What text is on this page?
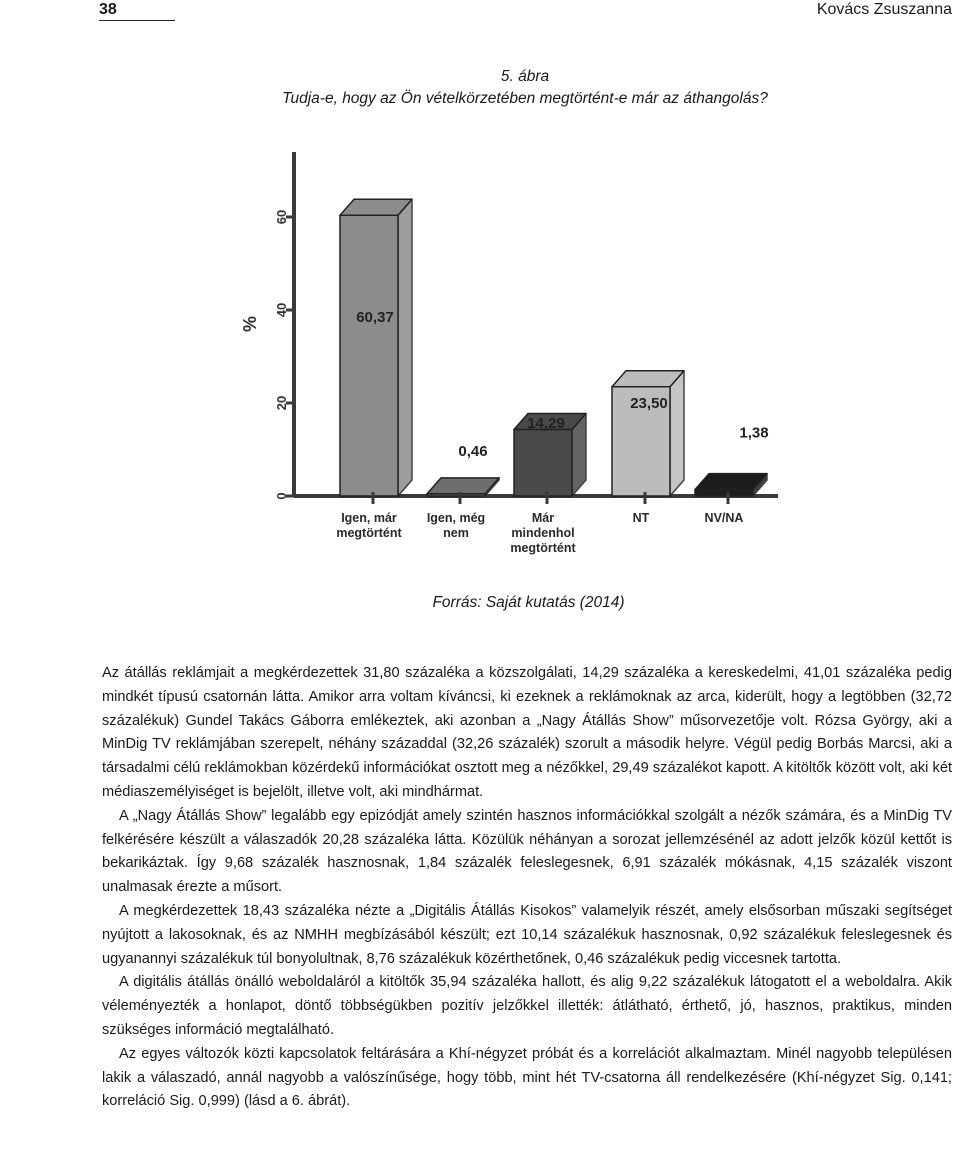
38	Kovács Zsuszanna
5. ábra
Tudja-e, hogy az Ön vételkörzetében megtörtént-e már az áthangolás?
0
20
40
60
%	60,37
Igen, már
megtörtént
0,46
Igen, még
nem
14,29
Már
mindenhol
megtörtént
23,50
NT
1,38
NV/NA
Forrás: Saját kutatás (2014)

Az átállás reklámjait a megkérdezettek 31,80 százaléka a közszolgálati, 14,29 százaléka a kereskedelmi, 41,01 százaléka pedig mindkét típusú csatornán látta. Amikor arra voltam kíváncsi, ki ezeknek a reklámoknak az arca, kiderült, hogy a legtöbben (32,72 százalékuk) Gundel Takács Gáborra emlékeztek, aki azonban a „Nagy Átállás Show” műsorvezetője volt. Rózsa György, aki a MinDig TV reklámjában szerepelt, néhány századdal (32,26 százalék) szorult a második helyre. Végül pedig Borbás Marcsi, aki a társadalmi célú reklámokban közérdekű információkat osztott meg a nézőkkel, 29,49 százalékot kapott. A kitöltők között volt, aki két médiaszemélyiséget is bejelölt, illetve volt, aki mindhármat.

A „Nagy Átállás Show” legalább egy epizódját amely szintén hasznos információkkal szolgált a nézők számára, és a MinDig TV felkérésére készült a válaszadók 20,28 százaléka látta. Közülük néhányan a sorozat jellemzésénél az adott jelzők közül kettőt is bekarikáztak. Így 9,68 százalék hasznosnak, 1,84 százalék feleslegesnek, 6,91 százalék mókásnak, 4,15 százalék viszont unalmasak érezte a műsort.

A megkérdezettek 18,43 százaléka nézte a „Digitális Átállás Kisokos” valamelyik részét, amely elsősorban műszaki segítséget nyújtott a lakosoknak, és az NMHH megbízásából készült; ezt 10,14 százalékuk hasznosnak, 0,92 százalékuk feleslegesnek és ugyanannyi százalékuk túl bonyolultnak, 8,76 százalékuk közérthetőnek, 0,46 százalékuk pedig viccesnek tartotta.

A digitális átállás önálló weboldaláról a kitöltők 35,94 százaléka hallott, és alig 9,22 százalékuk látogatott el a weboldalra. Akik véleményezték a honlapot, döntő többségükben pozitív jelzőkkel illették: átlátható, érthető, jó, hasznos, praktikus, minden szükséges információ megtalálható.

Az egyes változók közti kapcsolatok feltárására a Khí-négyzet próbát és a korrelációt alkalmaztam. Minél nagyobb településen lakik a válaszadó, annál nagyobb a valószínűsége, hogy több, mint hét TV-csatorna áll rendelkezésére (Khí-négyzet Sig. 0,141; korreláció Sig. 0,999) (lásd a 6. ábrát).
